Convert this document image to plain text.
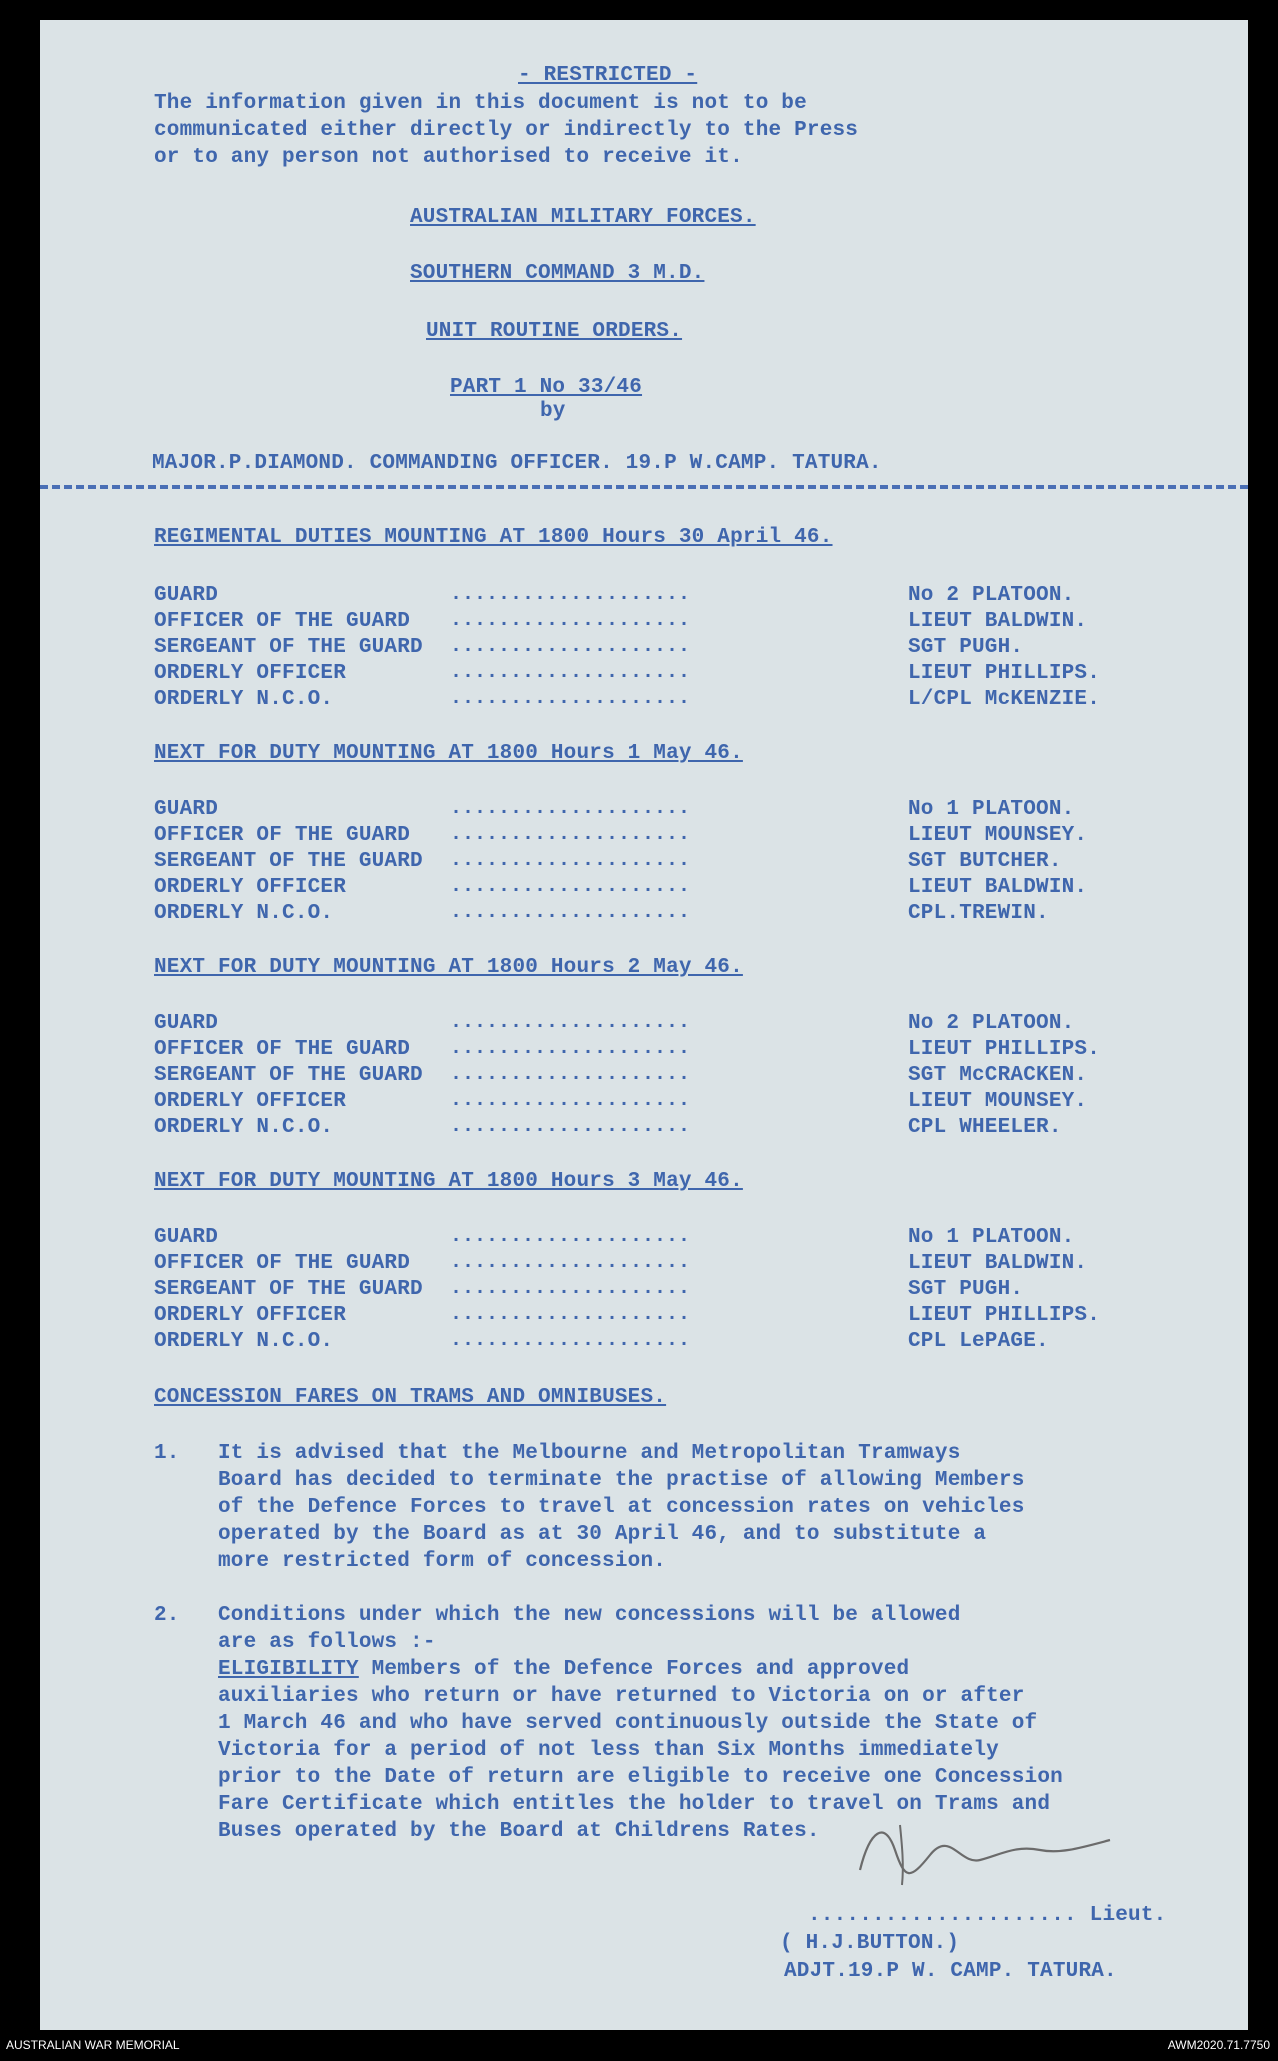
- RESTRICTED -
The information given in this document is not to be
communicated either directly or indirectly to the Press
or to any person not authorised to receive it.
AUSTRALIAN MILITARY FORCES.
SOUTHERN COMMAND 3 M.D.
UNIT ROUTINE ORDERS.
PART 1 No 33/46
by
MAJOR.P.DIAMOND. COMMANDING OFFICER. 19.P W.CAMP. TATURA.
REGIMENTAL DUTIES MOUNTING AT 1800 Hours 30 April 46.
GUARD	....................	No 2 PLATOON.
OFFICER OF THE GUARD ....................	LIEUT BALDWIN.
SERGEANT OF THE GUARD ....................	SGT PUGH.
ORDERLY OFFICER	....................	LIEUT PHILLIPS.
ORDERLY N.C.O.	....................	L/CPL McKENZIE.
NEXT FOR DUTY MOUNTING AT 1800 Hours 1 May 46.
GUARD	....................	No 1 PLATOON.
OFFICER OF THE GUARD ....................	LIEUT MOUNSEY.
SERGEANT OF THE GUARD ....................	SGT BUTCHER.
ORDERLY OFFICER	....................	LIEUT BALDWIN.
ORDERLY N.C.O.	....................	CPL.TREWIN.
NEXT FOR DUTY MOUNTING AT 1800 Hours 2 May 46.
GUARD	....................	No 2 PLATOON.
OFFICER OF THE GUARD ....................	LIEUT PHILLIPS.
SERGEANT OF THE GUARD ....................	SGT McCRACKEN.
ORDERLY OFFICER	....................	LIEUT MOUNSEY.
ORDERLY N.C.O.	....................	CPL WHEELER.
NEXT FOR DUTY MOUNTING AT 1800 Hours 3 May 46.
GUARD	....................	No 1 PLATOON.
OFFICER OF THE GUARD ....................	LIEUT BALDWIN.
SERGEANT OF THE GUARD ....................	SGT PUGH.
ORDERLY OFFICER	....................	LIEUT PHILLIPS.
ORDERLY N.C.O.	....................	CPL LePAGE.
CONCESSION FARES ON TRAMS AND OMNIBUSES.
1. It is advised that the Melbourne and Metropolitan Tramways
Board has decided to terminate the practise of allowing Members
of the Defence Forces to travel at concession rates on vehicles
operated by the Board as at 30 April 46, and to substitute a
more restricted form of concession.
2. Conditions under which the new concessions will be allowed
are as follows :-
ELIGIBILITY Members of the Defence Forces and approved
auxiliaries who return or have returned to Victoria on or after
1 March 46 and who have served continuously outside the State of
Victoria for a period of not less than Six Months immediately
prior to the Date of return are eligible to receive one Concession
Fare Certificate which entitles the holder to travel on Trams and
Buses operated by the Board at Childrens Rates.
..................... Lieut.
( H.J.BUTTON.)
ADJT.19.P W. CAMP. TATURA.
AUSTRALIAN WAR MEMORIAL	AWM2020.71.7750
